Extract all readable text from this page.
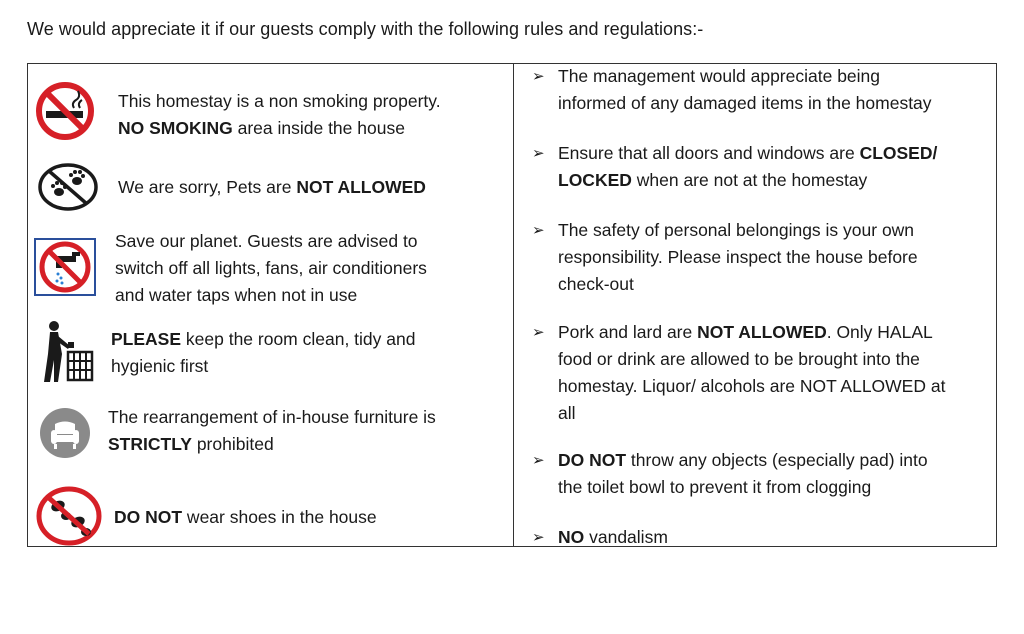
We would appreciate it if our guests comply with the following rules and regulations:-
This homestay is a non smoking property.
NO SMOKING area inside the house
We are sorry, Pets are NOT ALLOWED
Save our planet. Guests are advised to
switch off all lights, fans, air conditioners
and water taps when not in use
PLEASE keep the room clean, tidy and
hygienic first
The rearrangement of in-house furniture is
STRICTLY prohibited
DO NOT wear shoes in the house
➢ The management would appreciate being
informed of any damaged items in the homestay
➢ Ensure that all doors and windows are CLOSED/
LOCKED when are not at the homestay
➢ The safety of personal belongings is your own
responsibility. Please inspect the house before
check-out
➢ Pork and lard are NOT ALLOWED. Only HALAL
food or drink are allowed to be brought into the
homestay. Liquor/ alcohols are NOT ALLOWED at
all
➢ DO NOT throw any objects (especially pad) into
the toilet bowl to prevent it from clogging
➢ NO vandalism
